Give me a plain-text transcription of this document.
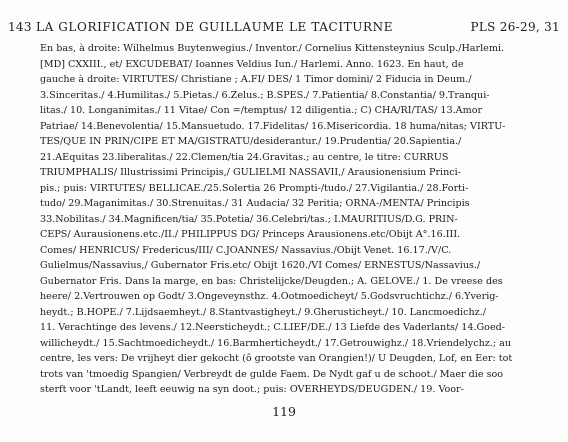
143 LA GLORIFICATION DE GUILLAUME LE TACITURNE	PLS 26-29, 31
En bas, à droite: Wilhelmus Buytenwegius./ Inventor./ Cornelius Kittensteynius Sculp./Harlemi.
[MD] CXXIII., et/ EXCUDEBAT/ Ioannes Veldius Iun./ Harlemi. Anno. 1623. En haut, de
gauche à droite: VIRTUTES/ Christiane ; A.FI/ DES/ 1 Timor domini/ 2 Fiducia in Deum./
3.Sinceritas./ 4.Humilitas./ 5.Pietas./ 6.Zelus.; B.SPES./ 7.Patientia/ 8.Constantia/ 9.Tranqui-
litas./ 10. Longanimitas./ 11 Vitae/ Con =/temptus/ 12 diligentia.; C) CHA/RI/TAS/ 13.Amor
Patriae/ 14.Benevolentia/ 15.Mansuetudo. 17.Fidelitas/ 16.Misericordia. 18 huma/nitas; VIRTU-
TES/QUE IN PRIN/CIPE ET MA/GISTRATU/desiderantur./ 19.Prudentia/ 20.Sapientia./
21.AEquitas 23.liberalitas./ 22.Clemen/tia 24.Gravitas.; au centre, le titre: CURRUS
TRIUMPHALIS/ Illustrissimi Principis,/ GULIELMI NASSAVII,/ Arausionensium Princi-
pis.; puis: VIRTUTES/ BELLICAE./25.Solertia 26 Prompti-/tudo./ 27.Vigilantia./ 28.Forti-
tudo/ 29.Maganimitas./ 30.Strenuitas./ 31 Audacia/ 32 Peritia; ORNA-/MENTA/ Principis
33.Nobilitas./ 34.Magnificen/tia/ 35.Potetia/ 36.Celebri/tas.; I.MAURITIUS/D.G. PRIN-
CEPS/ Aurausionens.etc./II./ PHILIPPUS DG/ Princeps Arausionens.etc/Obijt A°.16.III.
Comes/ HENRICUS/ Fredericus/III/ C.JOANNES/ Nassavius./Obijt Venet. 16.17./V/C.
Gulielmus/Nassavius,/ Gubernator Fris.etc/ Obijt 1620./VI Comes/ ERNESTUS/Nassavius./
Gubernator Fris. Dans la marge, en bas: Christelijcke/Deugden.; A. GELOVE./ 1. De vreese des
heere/ 2.Vertrouwen op Godt/ 3.Ongeveynsthz. 4.Ootmoedicheyt/ 5.Godsvruchtichz./ 6.Yverig-
heydt.; B.HOPE./ 7.Lijdsaemheyt./ 8.Stantvastigheyt./ 9.Gherusticheyt./ 10. Lancmoedichz./
11. Verachtinge des levens./ 12.Neersticheydt.; C.LIEF/DE./ 13 Liefde des Vaderlants/ 14.Goed-
willicheydt./ 15.Sachtmoedicheydt./ 16.Barmherticheydt./ 17.Getrouwighz./ 18.Vriendelychz.; au
centre, les vers: De vrijheyt dier gekocht (ô grootste van Orangien!)/ U Deugden, Lof, en Eer: tot
trots van 'tmoedig Spangien/ Verbreydt de gulde Faem. De Nydt gaf u de schoot./ Maer die soo
sterft voor 'tLandt, leeft eeuwig na syn doot.; puis: OVERHEYDS/DEUGDEN./ 19. Voor-
119
